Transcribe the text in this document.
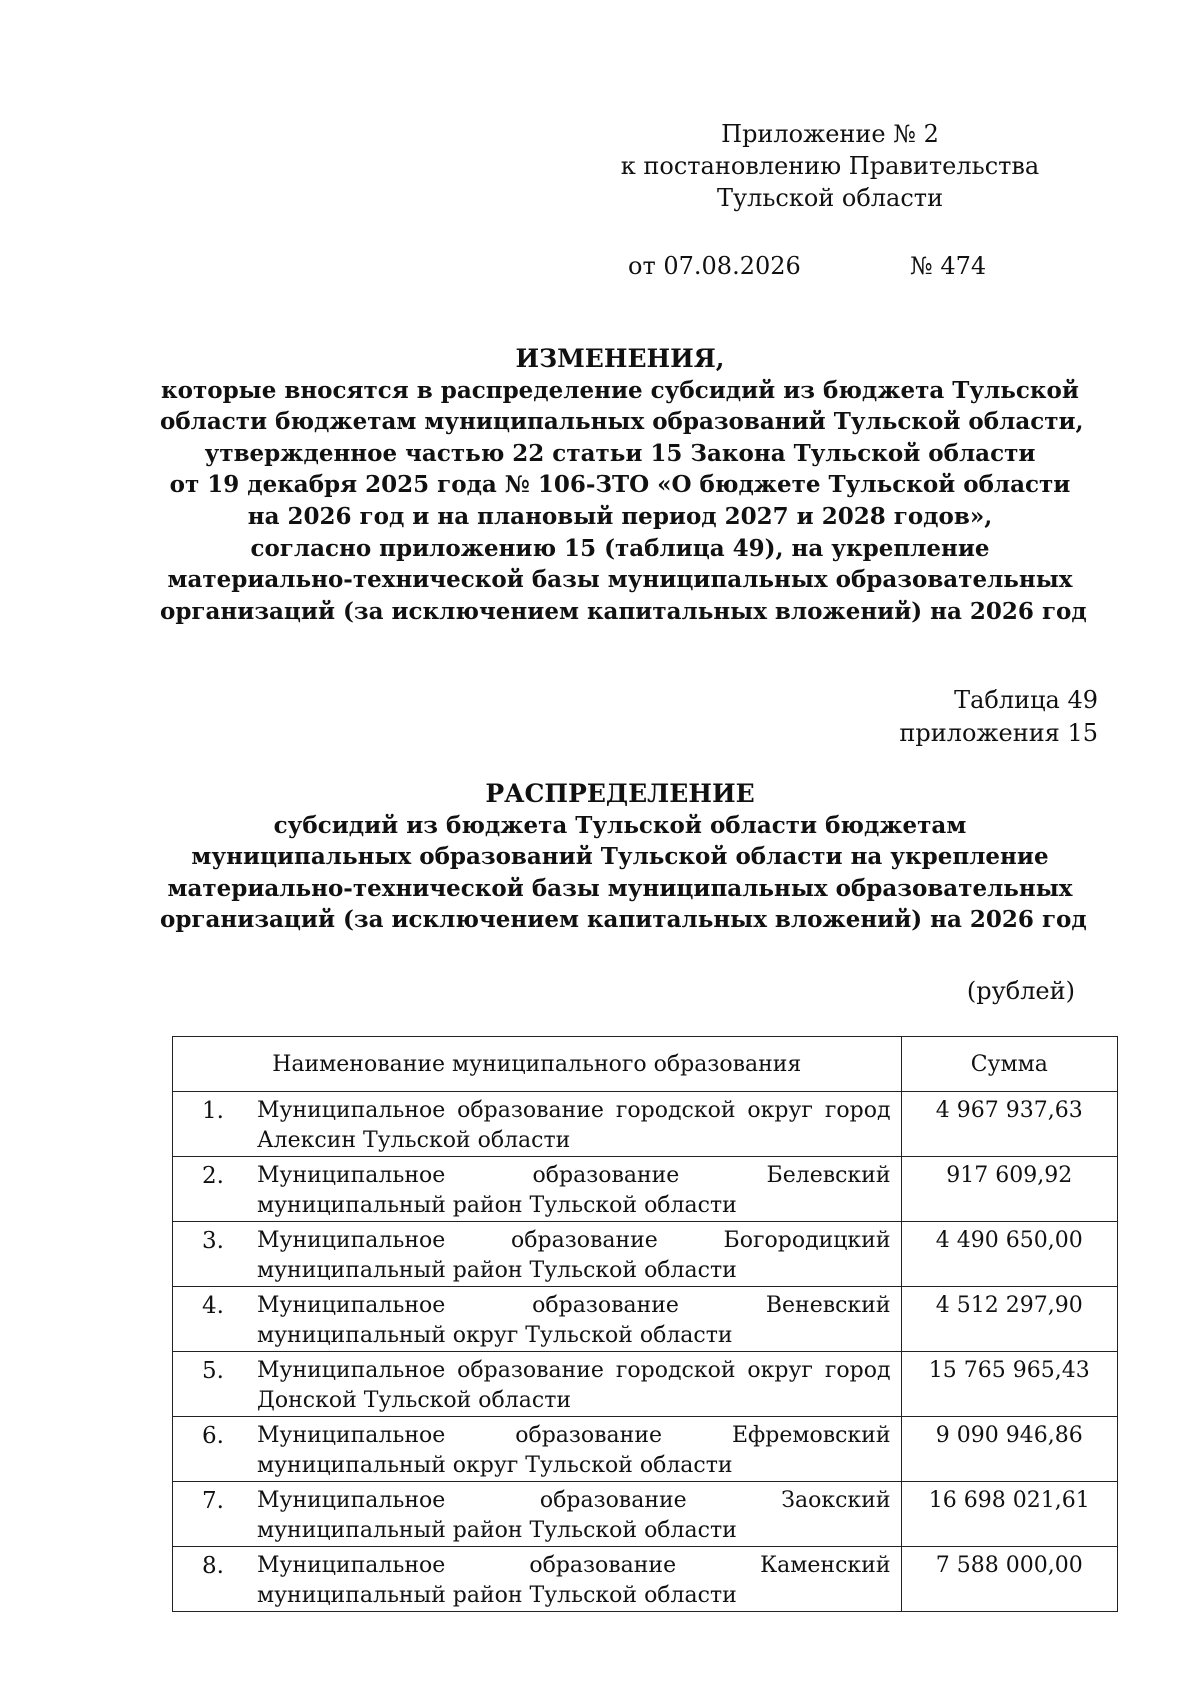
Приложение № 2
к постановлению Правительства
Тульской области
от 07.08.2026	№ 474
ИЗМЕНЕНИЯ,
которые вносятся в распределение субсидий из бюджета Тульской
области бюджетам муниципальных образований Тульской области,
утвержденное частью 22 статьи 15 Закона Тульской области
от 19 декабря 2025 года № 106-ЗТО «О бюджете Тульской области
на 2026 год и на плановый период 2027 и 2028 годов»,
согласно приложению 15 (таблица 49), на укрепление
материально-технической базы муниципальных образовательных
организаций (за исключением капитальных вложений) на 2026 год
Таблица 49
приложения 15
РАСПРЕДЕЛЕНИЕ
субсидий из бюджета Тульской области бюджетам
муниципальных образований Тульской области на укрепление
материально-технической базы муниципальных образовательных
организаций (за исключением капитальных вложений) на 2026 год
(рублей)
Наименование муниципального образования		Сумма
1.	Муниципальное образование городской округ город Алексин Тульской области	4 967 937,63
2.	Муниципальное образование Белевский муниципальный район Тульской области	917 609,92
3.	Муниципальное образование Богородицкий муниципальный район Тульской области	4 490 650,00
4.	Муниципальное образование Веневский муниципальный округ Тульской области	4 512 297,90
5.	Муниципальное образование городской округ город Донской Тульской области	15 765 965,43
6.	Муниципальное образование Ефремовский муниципальный округ Тульской области	9 090 946,86
7.	Муниципальное образование Заокский муниципальный район Тульской области	16 698 021,61
8.	Муниципальное образование Каменский муниципальный район Тульской области	7 588 000,00
